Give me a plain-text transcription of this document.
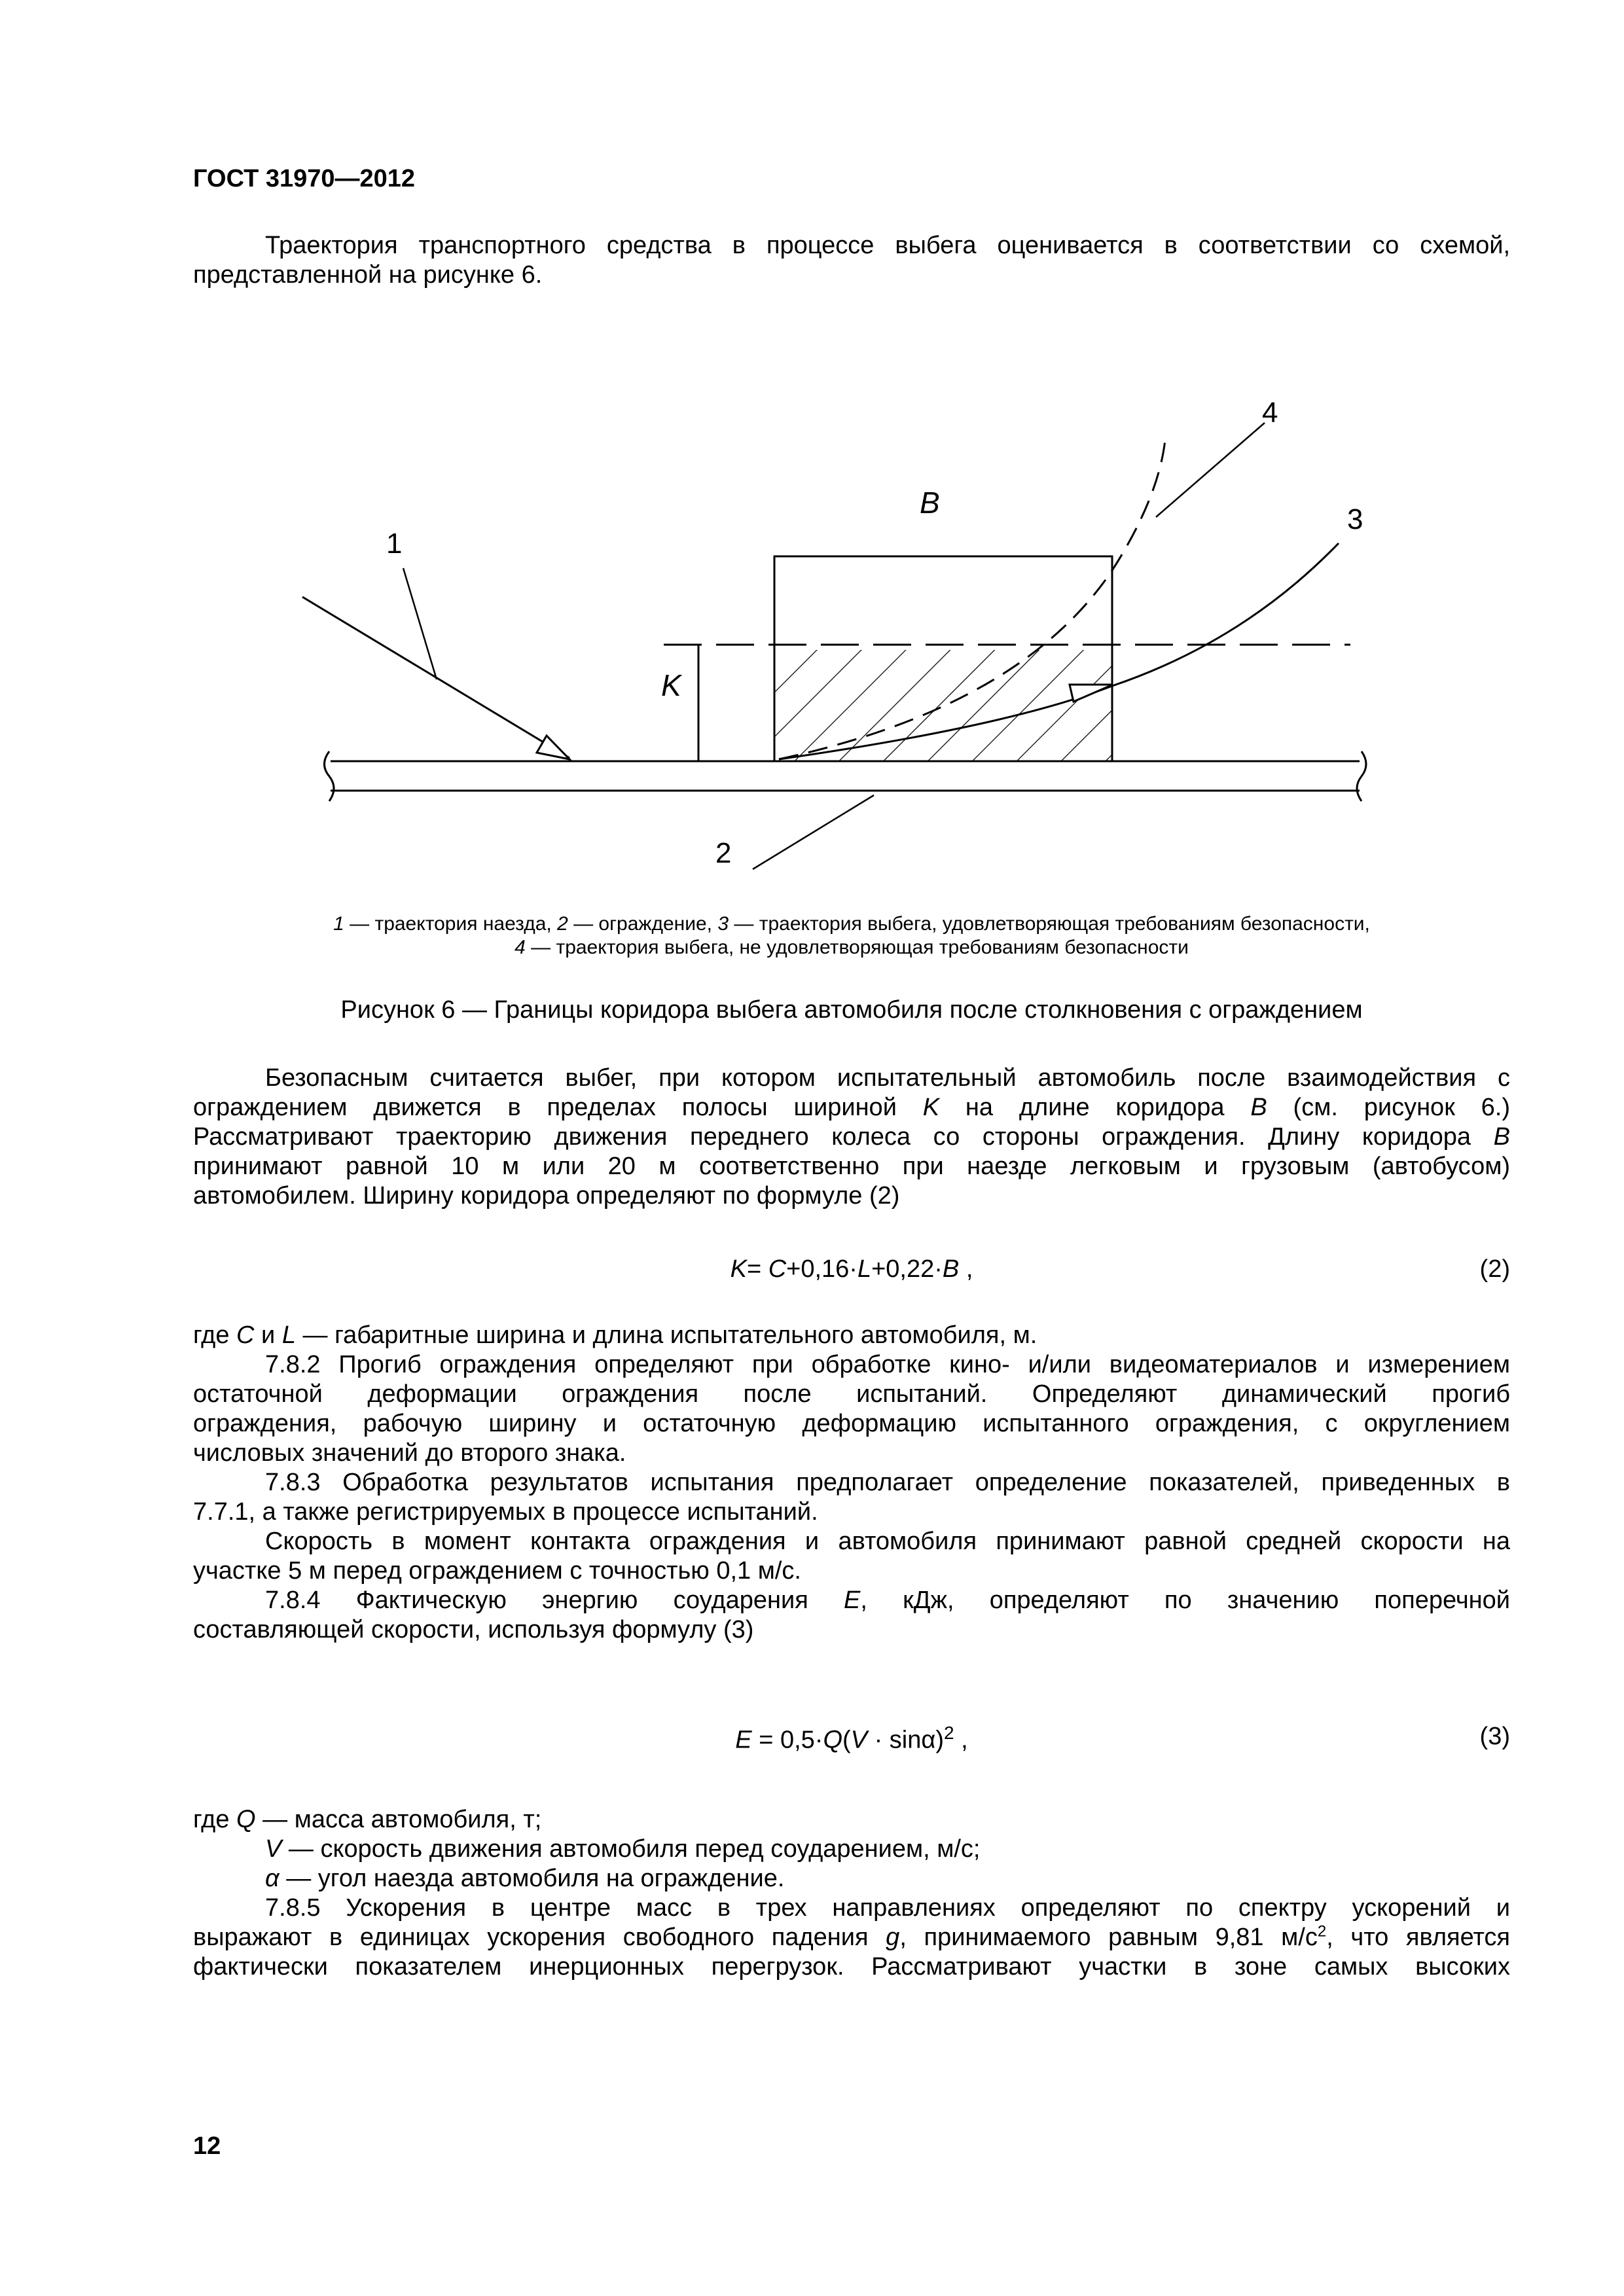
ГОСТ 31970—2012
Траектория транспортного средства в процессе выбега оценивается в соответствии со схемой,
представленной на рисунке 6.
1
2
3
4
B
K
1 — траектория наезда, 2 — ограждение, 3 — траектория выбега, удовлетворяющая требованиям безопасности,
4 — траектория выбега, не удовлетворяющая требованиям безопасности
Рисунок 6 — Границы коридора выбега автомобиля после столкновения с ограждением
Безопасным считается выбег, при котором испытательный автомобиль после взаимодействия с
ограждением движется в пределах полосы шириной K на длине коридора B (см. рисунок 6.)
Рассматривают траекторию движения переднего колеса со стороны ограждения. Длину коридора B
принимают равной 10 м или 20 м соответственно при наезде легковым и грузовым (автобусом)
автомобилем. Ширину коридора определяют по формуле (2)
K= C+0,16·L+0,22·B ,	(2)
где C и L — габаритные ширина и длина испытательного автомобиля, м.
7.8.2 Прогиб ограждения определяют при обработке кино- и/или видеоматериалов и измерением
остаточной деформации ограждения после испытаний. Определяют динамический прогиб
ограждения, рабочую ширину и остаточную деформацию испытанного ограждения, с округлением
числовых значений до второго знака.
7.8.3 Обработка результатов испытания предполагает определение показателей, приведенных в
7.7.1, а также регистрируемых в процессе испытаний.
Скорость в момент контакта ограждения и автомобиля принимают равной средней скорости на
участке 5 м перед ограждением с точностью 0,1 м/с.
7.8.4 Фактическую энергию соударения E, кДж, определяют по значению поперечной
составляющей скорости, используя формулу (3)
$E = 0,5\cdot Q(V \cdot \sin\alpha)^2$ ,	(3)
где Q — масса автомобиля, т;
V — скорость движения автомобиля перед соударением, м/с;
α — угол наезда автомобиля на ограждение.
7.8.5 Ускорения в центре масс в трех направлениях определяют по спектру ускорений и
выражают в единицах ускорения свободного падения g, принимаемого равным 9,81 $м/с^2$, что является
фактически показателем инерционных перегрузок. Рассматривают участки в зоне самых высоких
12
